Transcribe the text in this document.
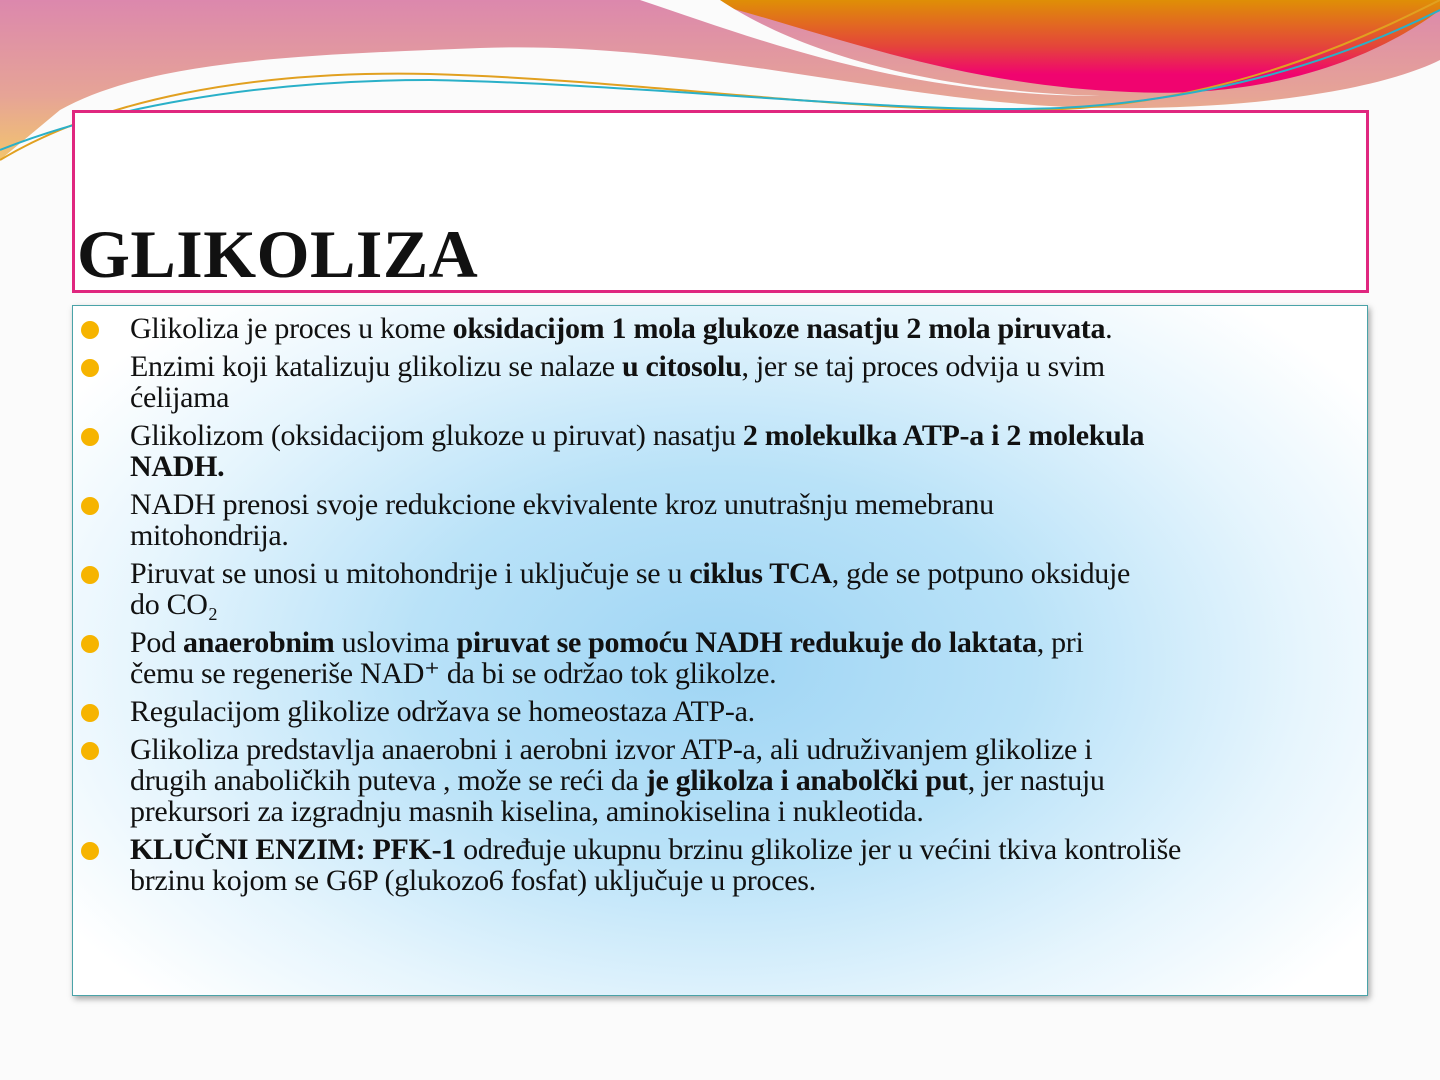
GLIKOLIZA
Glikoliza je proces u kome oksidacijom 1 mola glukoze nasatju 2 mola piruvata.
Enzimi koji katalizuju glikolizu se nalaze u citosolu, jer se taj proces odvija u svim
ćelijama
Glikolizom (oksidacijom glukoze u piruvat) nasatju 2 molekulka ATP-a i 2 molekula
NADH.
NADH prenosi svoje redukcione ekvivalente kroz unutrašnju memebranu
mitohondrija.
Piruvat se unosi u mitohondrije i uključuje se u ciklus TCA, gde se potpuno oksiduje
do CO₂
Pod anaerobnim uslovima piruvat se pomoću NADH redukuje do laktata, pri
čemu se regeneriše NAD⁺ da bi se održao tok glikolze.
Regulacijom glikolize održava se homeostaza ATP-a.
Glikoliza predstavlja anaerobni i aerobni izvor ATP-a, ali udruživanjem glikolize i
drugih anaboličkih puteva , može se reći da je glikolza i anabolčki put, jer nastuju
prekursori za izgradnju masnih kiselina, aminokiselina i nukleotida.
KLUČNI ENZIM: PFK-1 određuje ukupnu brzinu glikolize jer u većini tkiva kontroliše
brzinu kojom se G6P (glukozo6 fosfat) uključuje u proces.
